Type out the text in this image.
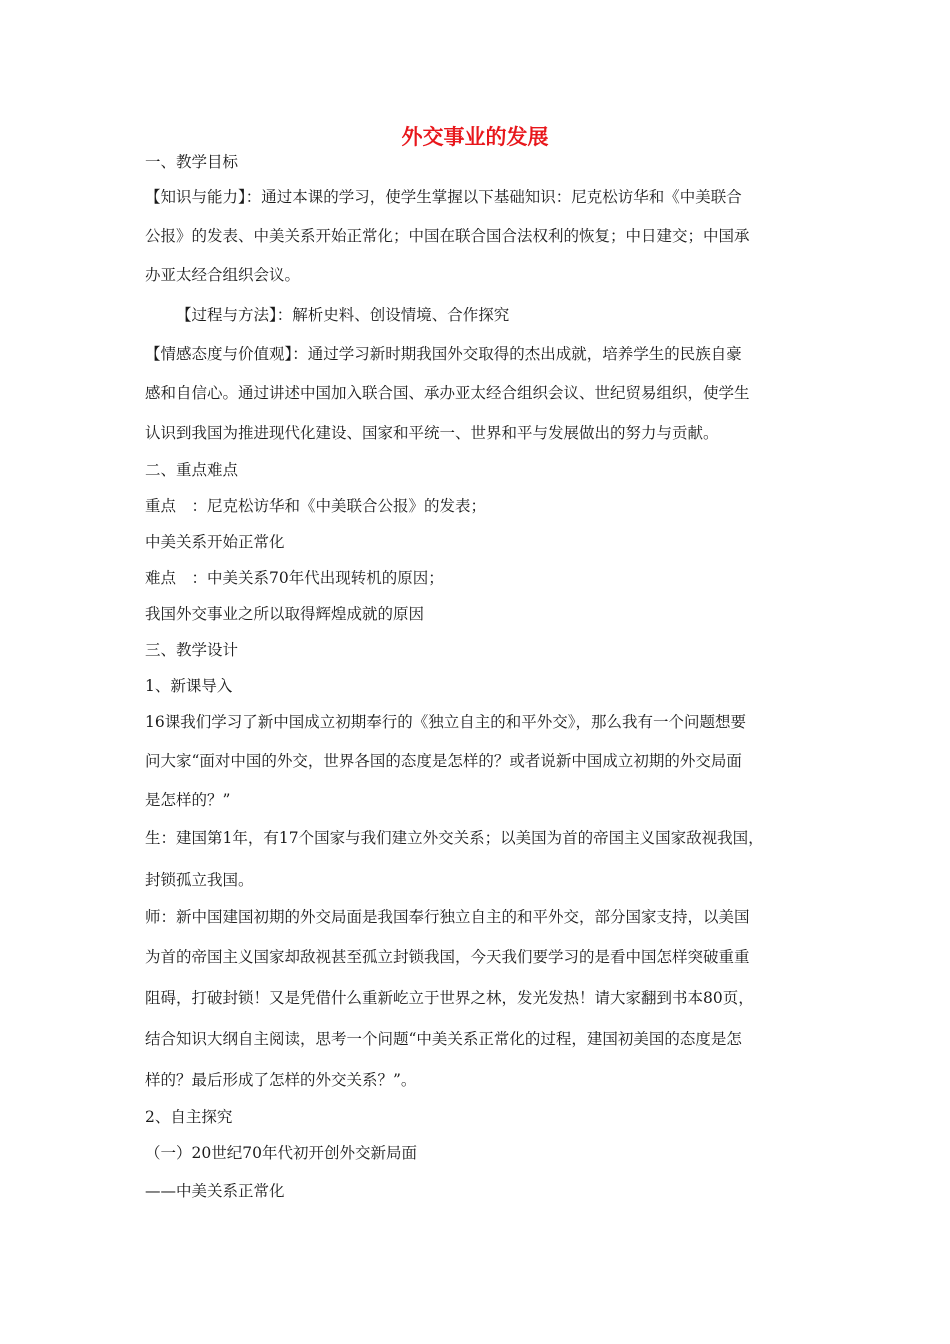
外交事业的发展
一、教学目标
【知识与能力】：通过本课的学习，使学生掌握以下基础知识：尼克松访华和《中美联合
公报》的发表、中美关系开始正常化；中国在联合国合法权利的恢复；中日建交；中国承
办亚太经合组织会议。
【过程与方法】：解析史料、创设情境、合作探究
【情感态度与价值观】：通过学习新时期我国外交取得的杰出成就，培养学生的民族自豪
感和自信心。通过讲述中国加入联合国、承办亚太经合组织会议、世纪贸易组织，使学生
认识到我国为推进现代化建设、国家和平统一、世界和平与发展做出的努力与贡献。
二、重点难点
重点　：尼克松访华和《中美联合公报》的发表；
中美关系开始正常化
难点　：中美关系70年代出现转机的原因；
我国外交事业之所以取得辉煌成就的原因
三、教学设计
1、新课导入
16课我们学习了新中国成立初期奉行的《独立自主的和平外交》，那么我有一个问题想要
问大家“面对中国的外交，世界各国的态度是怎样的？或者说新中国成立初期的外交局面
是怎样的？”
生：建国第1年，有17个国家与我们建立外交关系；以美国为首的帝国主义国家敌视我国，
封锁孤立我国。
师：新中国建国初期的外交局面是我国奉行独立自主的和平外交，部分国家支持，以美国
为首的帝国主义国家却敌视甚至孤立封锁我国，今天我们要学习的是看中国怎样突破重重
阻碍，打破封锁！又是凭借什么重新屹立于世界之林，发光发热！请大家翻到书本80页，
结合知识大纲自主阅读，思考一个问题“中美关系正常化的过程，建国初美国的态度是怎
样的？最后形成了怎样的外交关系？”。
2、自主探究
（一）20世纪70年代初开创外交新局面
——中美关系正常化
